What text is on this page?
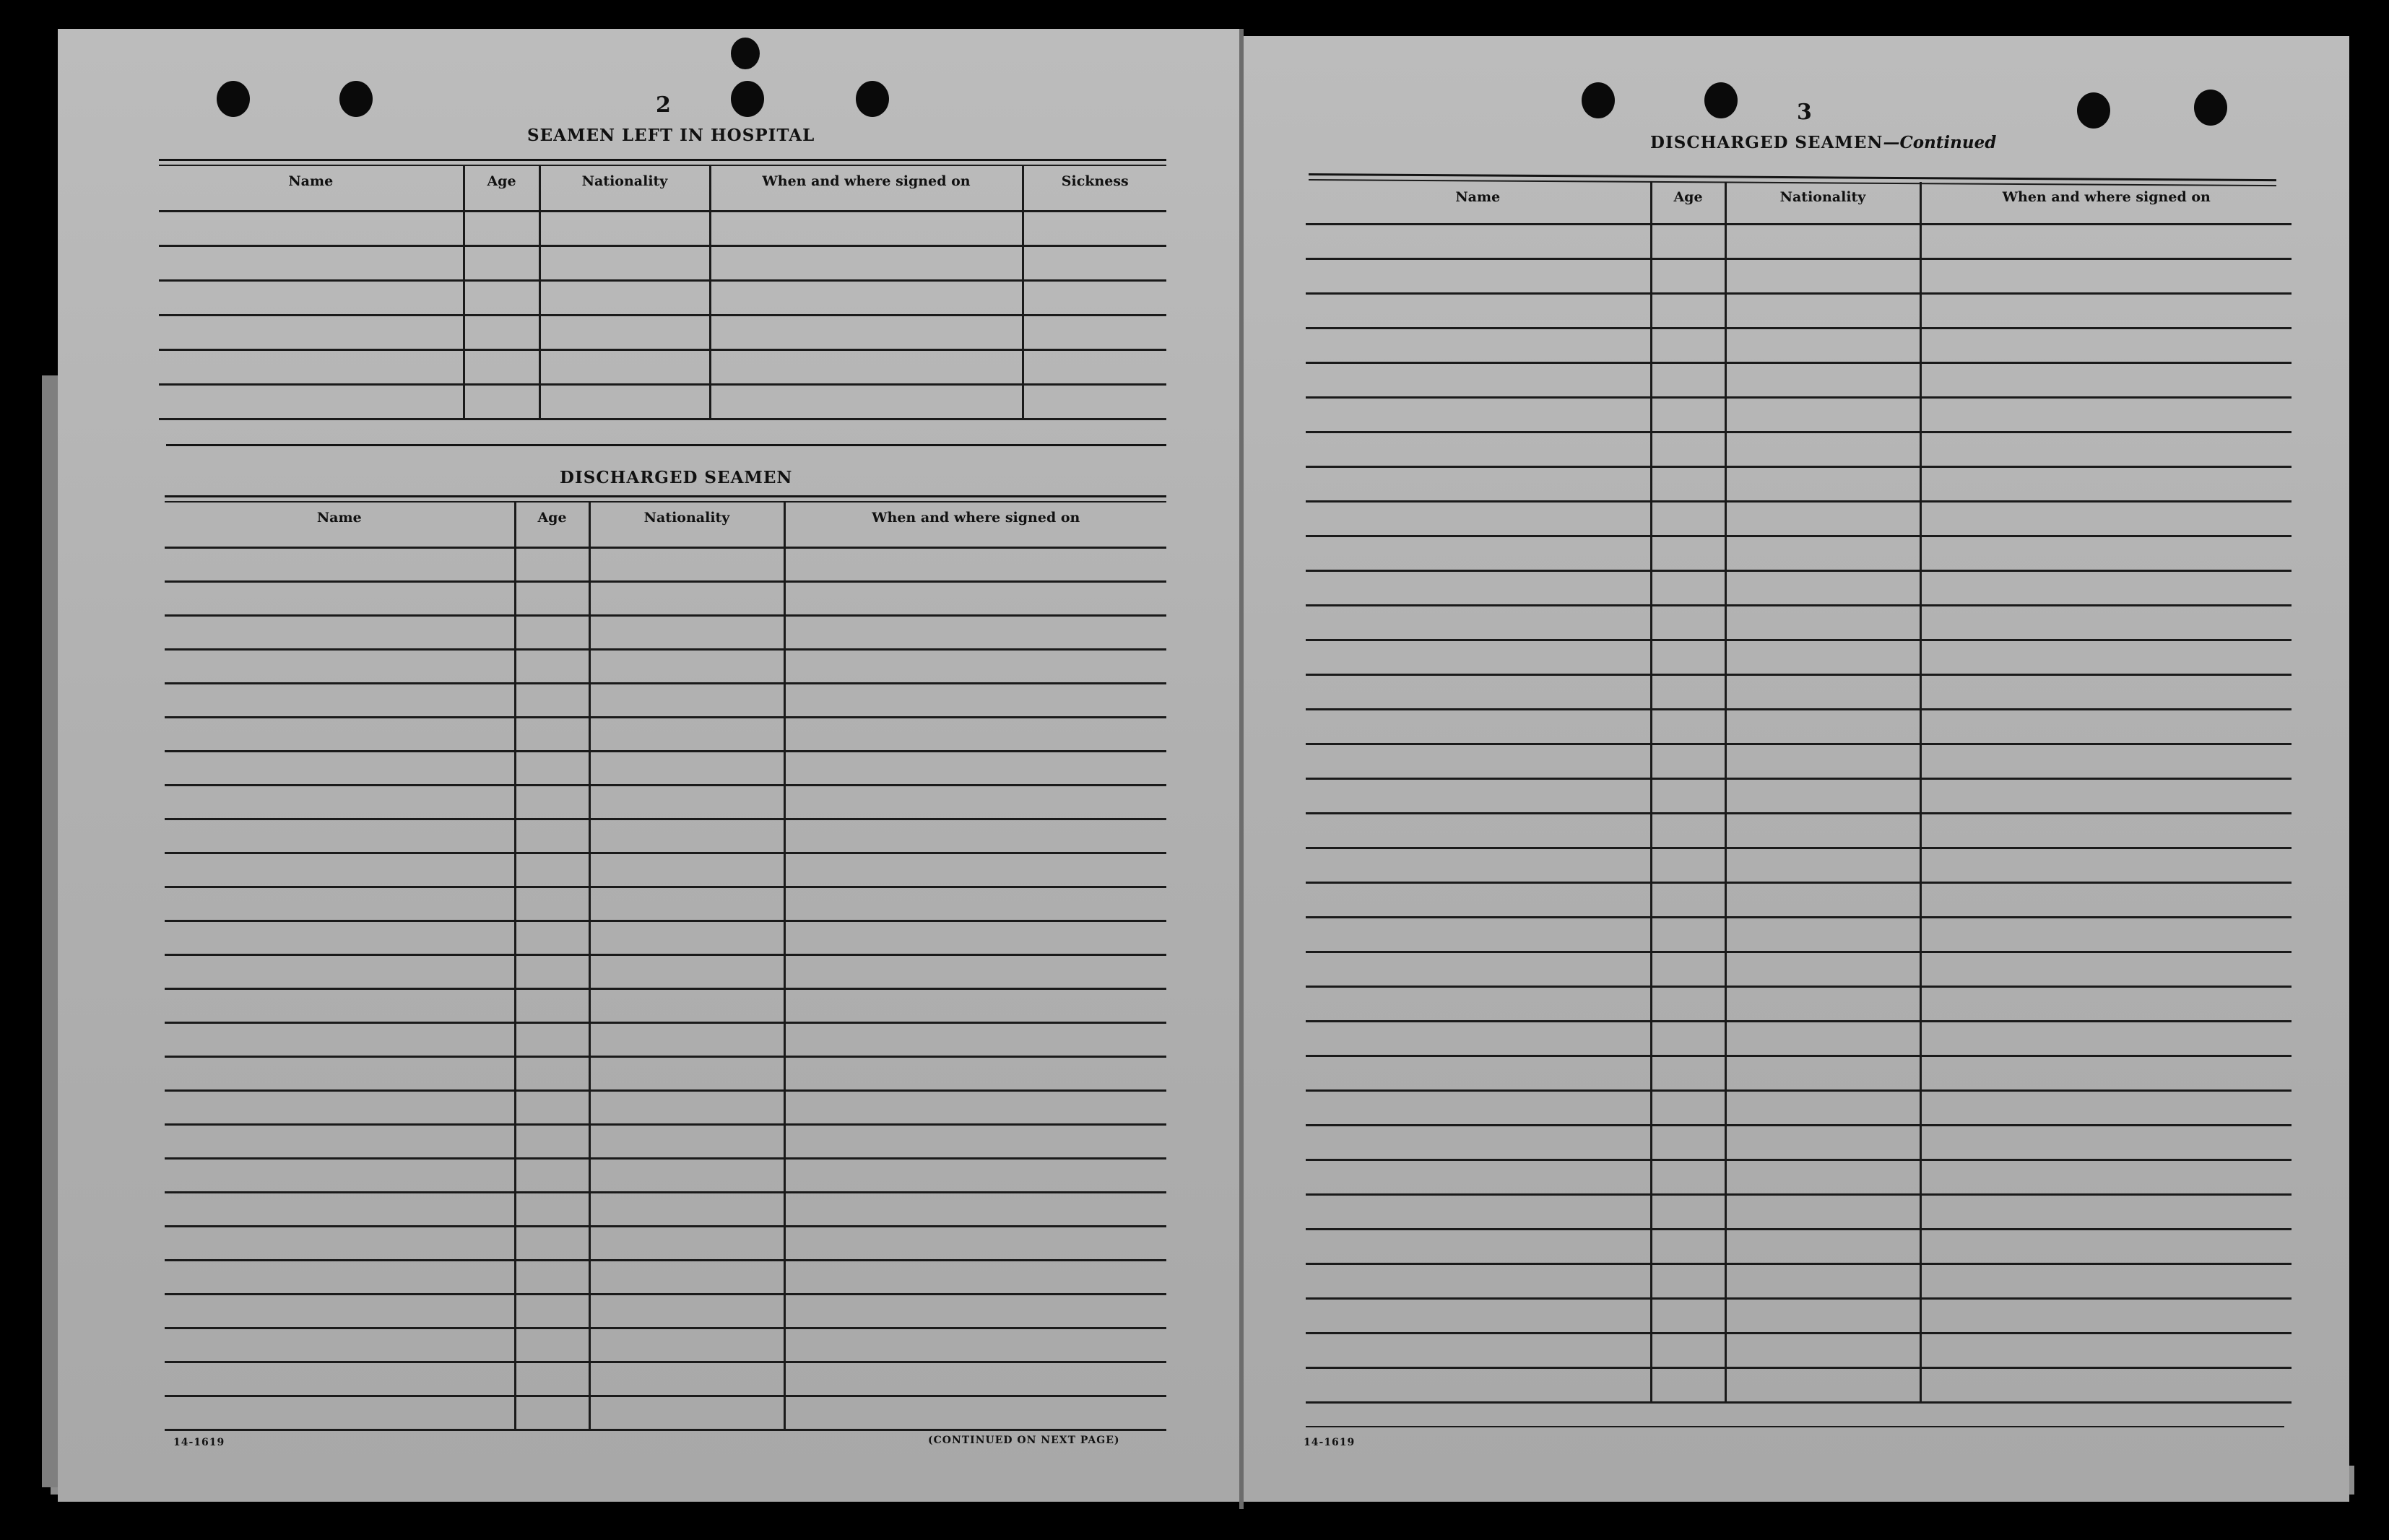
2
SEAMEN LEFT IN HOSPITAL
Name	Age	Nationality	When and where signed on	Sickness

DISCHARGED SEAMEN
Name	Age	Nationality	When and where signed on

14-1619	(CONTINUED ON NEXT PAGE)
3
DISCHARGED SEAMEN—Continued
Name	Age	Nationality	When and where signed on

14-1619
